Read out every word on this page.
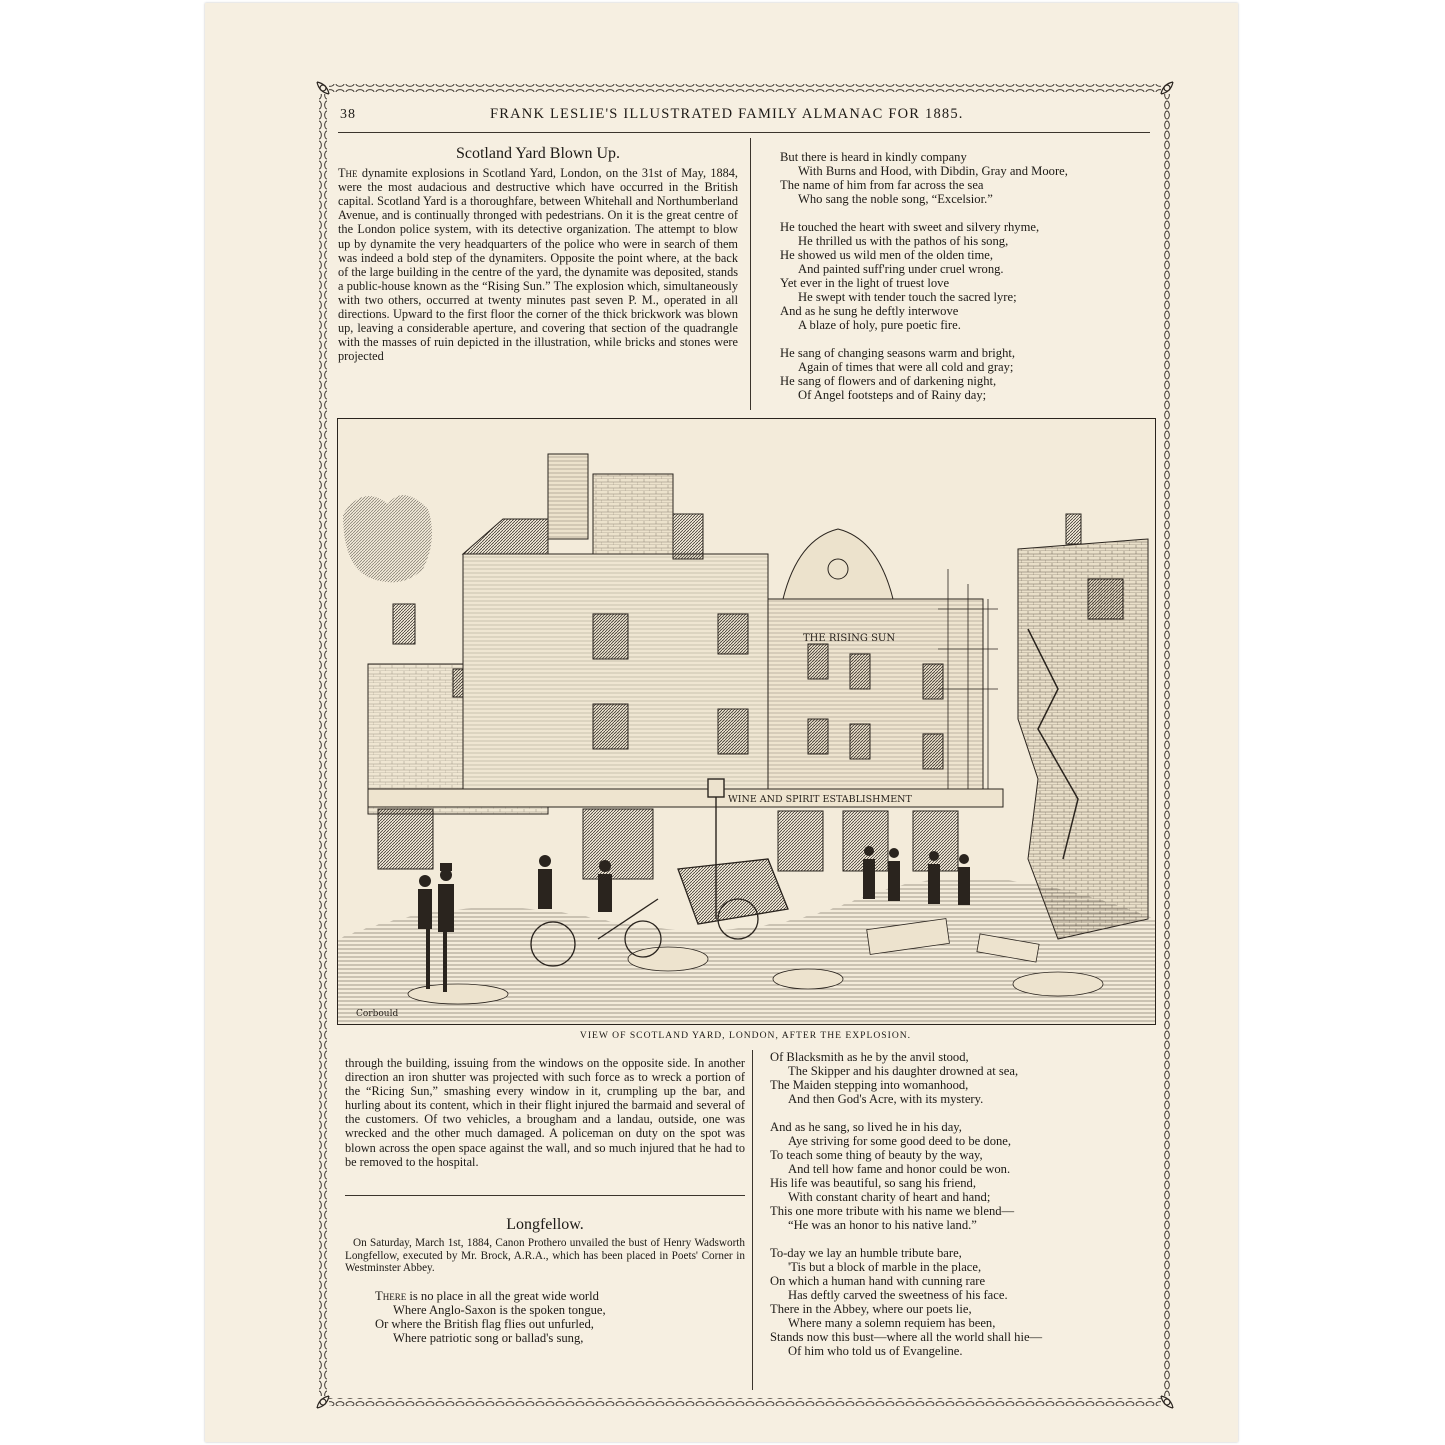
38	FRANK LESLIE'S ILLUSTRATED FAMILY ALMANAC FOR 1885.
Scotland Yard Blown Up.

The dynamite explosions in Scotland Yard, London, on the 31st of May, 1884, were the most audacious and destructive which have occurred in the British capital. Scotland Yard is a thoroughfare, between Whitehall and Northumberland Avenue, and is continually thronged with pedestrians. On it is the great centre of the London police system, with its detective organization. The attempt to blow up by dynamite the very headquarters of the police who were in search of them was indeed a bold step of the dynamiters. Opposite the point where, at the back of the large building in the centre of the yard, the dynamite was deposited, stands a public-house known as the “Rising Sun.” The explosion which, simultaneously with two others, occurred at twenty minutes past seven P. M., operated in all directions. Upward to the first floor the corner of the thick brickwork was blown up, leaving a considerable aperture, and covering that section of the quadrangle with the masses of ruin depicted in the illustration, while bricks and stones were projected

But there is heard in kindly company
With Burns and Hood, with Dibdin, Gray and Moore,
The name of him from far across the sea
Who sang the noble song, “Excelsior.”
He touched the heart with sweet and silvery rhyme,
He thrilled us with the pathos of his song,
He showed us wild men of the olden time,
And painted suff'ring under cruel wrong.
Yet ever in the light of truest love
He swept with tender touch the sacred lyre;
And as he sung he deftly interwove
A blaze of holy, pure poetic fire.
He sang of changing seasons warm and bright,
Again of times that were all cold and gray;
He sang of flowers and of darkening night,
Of Angel footsteps and of Rainy day;
THE RISING SUN
WINE AND SPIRIT ESTABLISHMENT
Corbould
VIEW OF SCOTLAND YARD, LONDON, AFTER THE EXPLOSION.

through the building, issuing from the windows on the opposite side. In another direction an iron shutter was projected with such force as to wreck a portion of the “Ricing Sun,” smashing every window in it, crumpling up the bar, and hurling about its content, which in their flight injured the barmaid and several of the customers. Of two vehicles, a brougham and a landau, outside, one was wrecked and the other much damaged. A policeman on duty on the spot was blown across the open space against the wall, and so much injured that he had to be removed to the hospital.

Longfellow.

On Saturday, March 1st, 1884, Canon Prothero unvailed the bust of Henry Wadsworth Longfellow, executed by Mr. Brock, A.R.A., which has been placed in Poets' Corner in Westminster Abbey.

There is no place in all the great wide world
Where Anglo-Saxon is the spoken tongue,
Or where the British flag flies out unfurled,
Where patriotic song or ballad's sung,
Of Blacksmith as he by the anvil stood,
The Skipper and his daughter drowned at sea,
The Maiden stepping into womanhood,
And then God's Acre, with its mystery.
And as he sang, so lived he in his day,
Aye striving for some good deed to be done,
To teach some thing of beauty by the way,
And tell how fame and honor could be won.
His life was beautiful, so sang his friend,
With constant charity of heart and hand;
This one more tribute with his name we blend—
“He was an honor to his native land.”
To-day we lay an humble tribute bare,
'Tis but a block of marble in the place,
On which a human hand with cunning rare
Has deftly carved the sweetness of his face.
There in the Abbey, where our poets lie,
Where many a solemn requiem has been,
Stands now this bust—where all the world shall hie—
Of him who told us of Evangeline.
